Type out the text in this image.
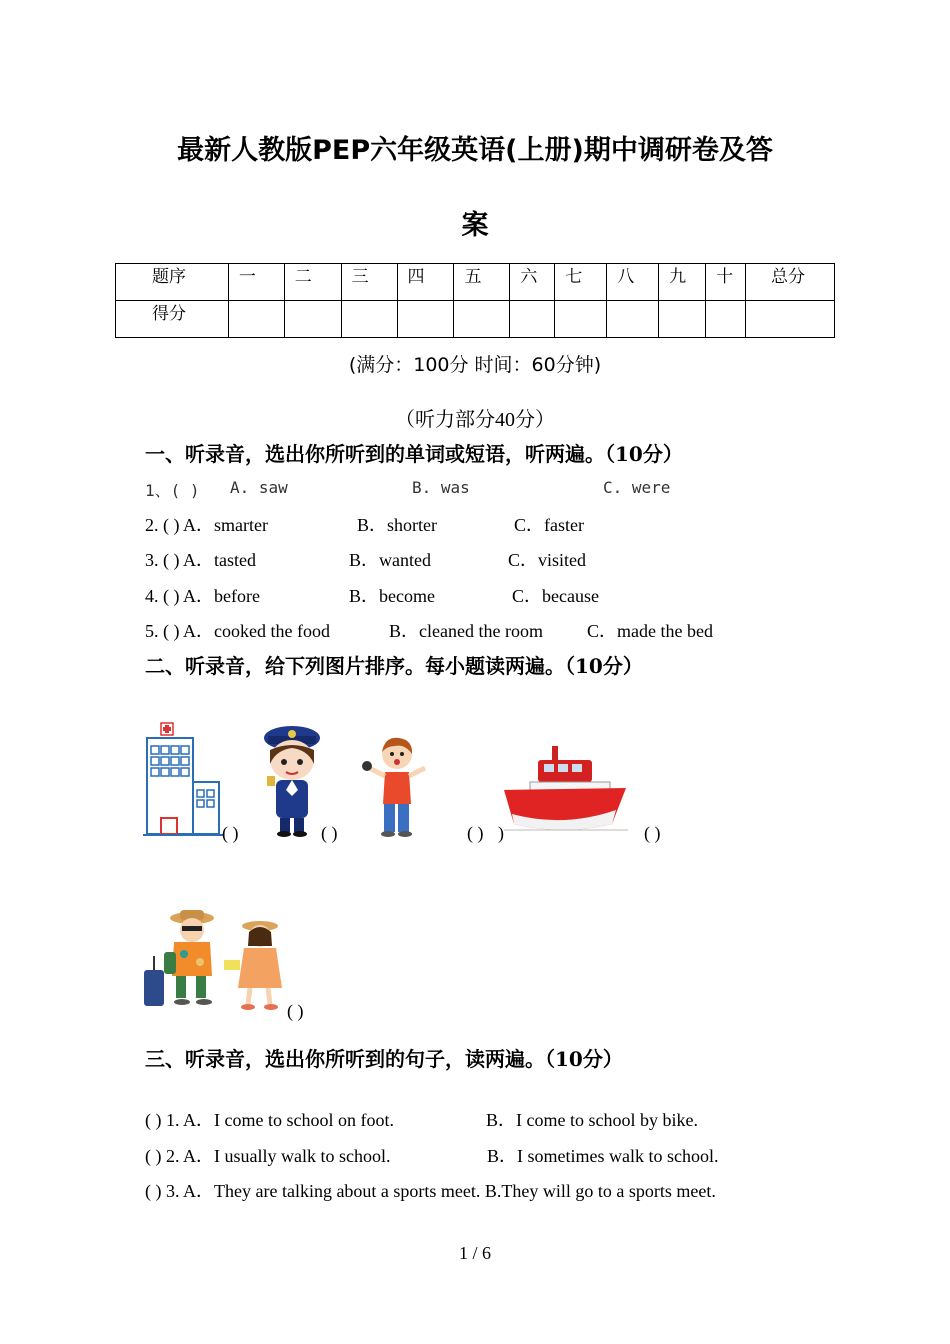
最新人教版PEP六年级英语(上册)期中调研卷及答
案
题序	一	二	三	四	五	六	七	八	九	十	总分
得分											
(满分：100分 时间：60分钟)
（听力部分40分）
一、听录音，选出你所听到的单词或短语，听两遍。（10分）
1、( ) A. saw	B. was	C. were
2. ( ) A．smarter	B．shorter	C．faster
3. ( ) A．tasted	B．wanted	C．visited
4. ( ) A．before	B．become	C．because
5. ( ) A．cooked the food	B．cleaned the room C．made the bed
二、听录音，给下列图片排序。每小题读两遍。（10分）
( )	( )	( ) )	( )
( )
三、听录音，选出你所听到的句子，读两遍。（10分）
( ) 1. A．I come to school on foot.	B．I come to school by bike.
( ) 2. A．I usually walk to school.	B．I sometimes walk to school.
( ) 3. A．They are talking about a sports meet. B.They will go to a sports meet.
1 / 6
